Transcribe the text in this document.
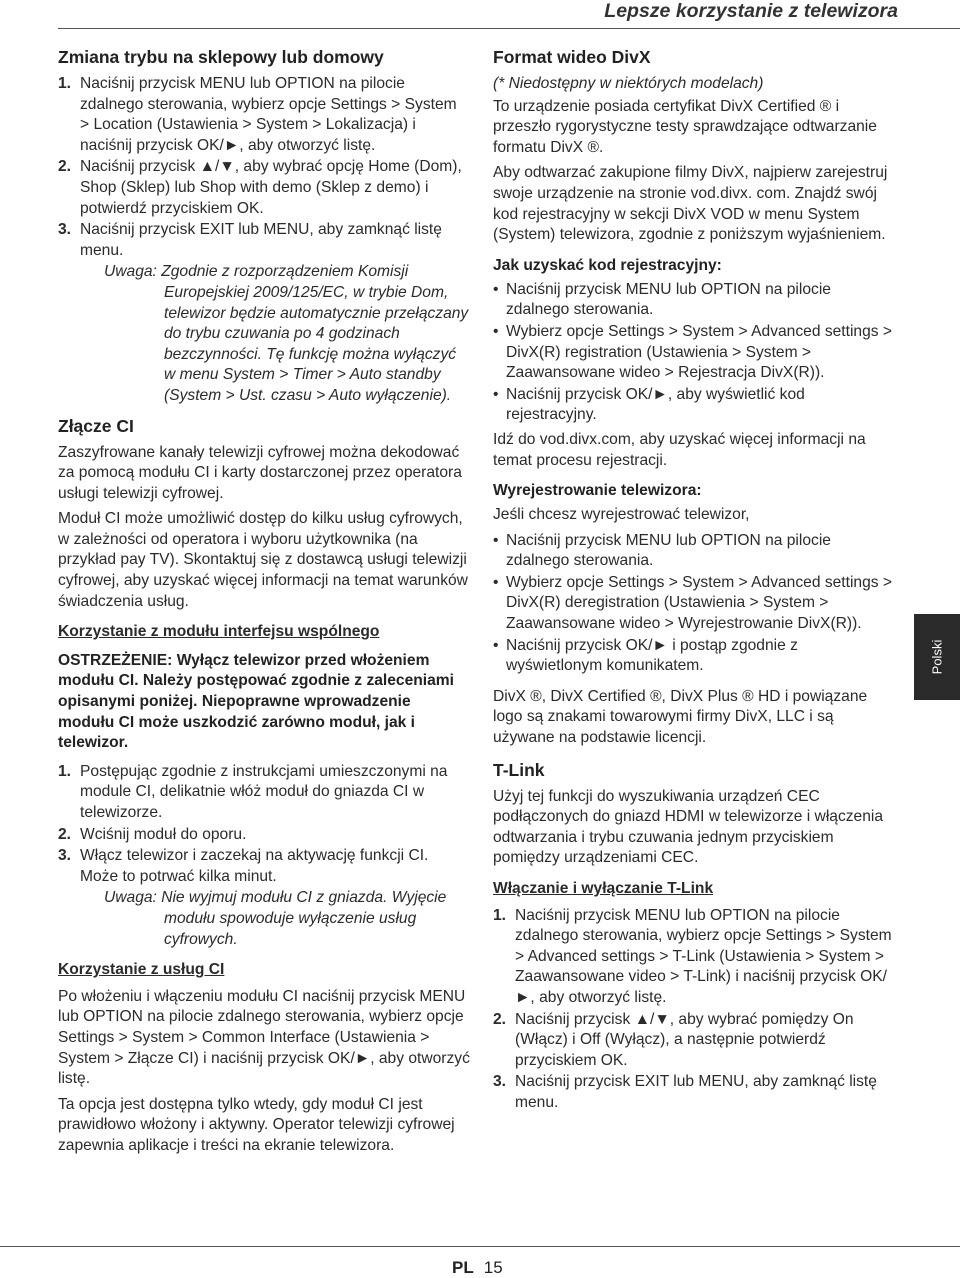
Lepsze korzystanie z telewizora
Zmiana trybu na sklepowy lub domowy
1. Naciśnij przycisk MENU lub OPTION na pilocie zdalnego sterowania, wybierz opcje Settings > System > Location (Ustawienia > System > Lokalizacja) i naciśnij przycisk OK/►, aby otworzyć listę.
2. Naciśnij przycisk ▲/▼, aby wybrać opcję Home (Dom), Shop (Sklep) lub Shop with demo (Sklep z demo) i potwierdź przyciskiem OK.
3. Naciśnij przycisk EXIT lub MENU, aby zamknąć listę menu.

Uwaga: Zgodnie z rozporządzeniem Komisji Europejskiej 2009/125/EC, w trybie Dom, telewizor będzie automatycznie przełączany do trybu czuwania po 4 godzinach bezczynności. Tę funkcję można wyłączyć w menu System > Timer > Auto standby (System > Ust. czasu > Auto wyłączenie).

Złącze CI

Zaszyfrowane kanały telewizji cyfrowej można dekodować za pomocą modułu CI i karty dostarczonej przez operatora usługi telewizji cyfrowej.

Moduł CI może umożliwić dostęp do kilku usług cyfrowych, w zależności od operatora i wyboru użytkownika (na przykład pay TV). Skontaktuj się z dostawcą usługi telewizji cyfrowej, aby uzyskać więcej informacji na temat warunków świadczenia usług.

Korzystanie z modułu interfejsu wspólnego

OSTRZEŻENIE: Wyłącz telewizor przed włożeniem modułu CI. Należy postępować zgodnie z zaleceniami opisanymi poniżej. Niepoprawne wprowadzenie modułu CI może uszkodzić zarówno moduł, jak i telewizor.

1. Postępując zgodnie z instrukcjami umieszczonymi na module CI, delikatnie włóż moduł do gniazda CI w telewizorze.
2. Wciśnij moduł do oporu.
3. Włącz telewizor i zaczekaj na aktywację funkcji CI. Może to potrwać kilka minut.

Uwaga: Nie wyjmuj modułu CI z gniazda. Wyjęcie modułu spowoduje wyłączenie usług cyfrowych.

Korzystanie z usług CI

Po włożeniu i włączeniu modułu CI naciśnij przycisk MENU lub OPTION na pilocie zdalnego sterowania, wybierz opcje Settings > System > Common Interface (Ustawienia > System > Złącze CI) i naciśnij przycisk OK/►, aby otworzyć listę.

Ta opcja jest dostępna tylko wtedy, gdy moduł CI jest prawidłowo włożony i aktywny. Operator telewizji cyfrowej zapewnia aplikacje i treści na ekranie telewizora.

Format wideo DivX

(* Niedostępny w niektórych modelach)

To urządzenie posiada certyfikat DivX Certified ® i przeszło rygorystyczne testy sprawdzające odtwarzanie formatu DivX ®.

Aby odtwarzać zakupione filmy DivX, najpierw zarejestruj swoje urządzenie na stronie vod.divx. com. Znajdź swój kod rejestracyjny w sekcji DivX VOD w menu System (System) telewizora, zgodnie z poniższym wyjaśnieniem.

Jak uzyskać kod rejestracyjny:
• Naciśnij przycisk MENU lub OPTION na pilocie zdalnego sterowania.
• Wybierz opcje Settings > System > Advanced settings > DivX(R) registration (Ustawienia > System > Zaawansowane wideo > Rejestracja DivX(R)).
• Naciśnij przycisk OK/►, aby wyświetlić kod rejestracyjny.

Idź do vod.divx.com, aby uzyskać więcej informacji na temat procesu rejestracji.

Wyrejestrowanie telewizora:

Jeśli chcesz wyrejestrować telewizor,

• Naciśnij przycisk MENU lub OPTION na pilocie zdalnego sterowania.
• Wybierz opcje Settings > System > Advanced settings > DivX(R) deregistration (Ustawienia > System > Zaawansowane wideo > Wyrejestrowanie DivX(R)).
• Naciśnij przycisk OK/► i postąp zgodnie z wyświetlonym komunikatem.

DivX ®, DivX Certified ®, DivX Plus ® HD i powiązane logo są znakami towarowymi firmy DivX, LLC i są używane na podstawie licencji.

T-Link

Użyj tej funkcji do wyszukiwania urządzeń CEC podłączonych do gniazd HDMI w telewizorze i włączenia odtwarzania i trybu czuwania jednym przyciskiem pomiędzy urządzeniami CEC.

Włączanie i wyłączanie T-Link
1. Naciśnij przycisk MENU lub OPTION na pilocie zdalnego sterowania, wybierz opcje Settings > System > Advanced settings > T-Link (Ustawienia > System > Zaawansowane video > T-Link) i naciśnij przycisk OK/►, aby otworzyć listę.
2. Naciśnij przycisk ▲/▼, aby wybrać pomiędzy On (Włącz) i Off (Wyłącz), a następnie potwierdź przyciskiem OK.
3. Naciśnij przycisk EXIT lub MENU, aby zamknąć listę menu.
Polski
PL 15
